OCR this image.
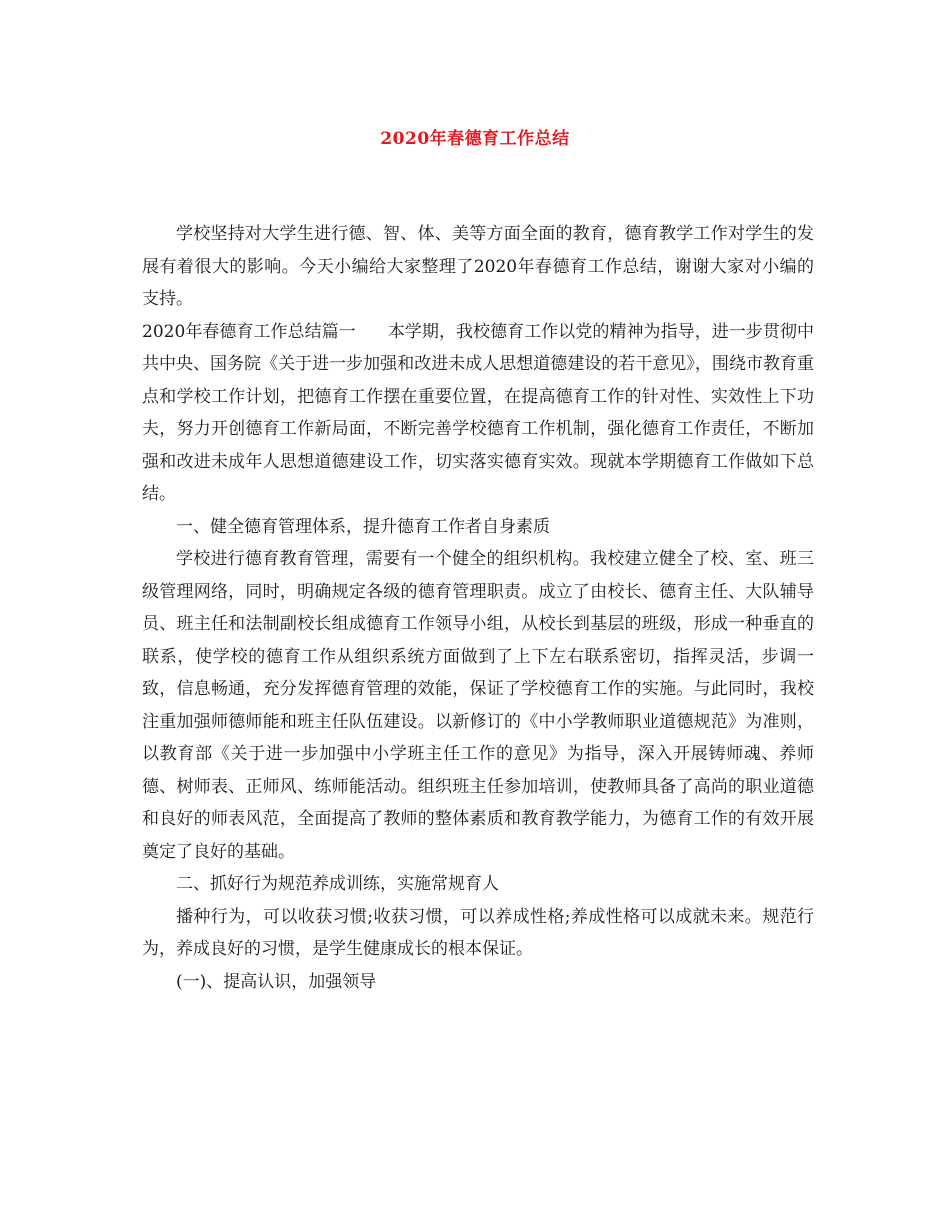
2020年春德育工作总结

学校坚持对大学生进行德、智、体、美等方面全面的教育，德育教学工作对学生的发展有着很大的影响。今天小编给大家整理了2020年春德育工作总结，谢谢大家对小编的支持。

2020年春德育工作总结篇一 本学期，我校德育工作以党的精神为指导，进一步贯彻中共中央、国务院《关于进一步加强和改进未成人思想道德建设的若干意见》，围绕市教育重点和学校工作计划，把德育工作摆在重要位置，在提高德育工作的针对性、实效性上下功夫，努力开创德育工作新局面，不断完善学校德育工作机制，强化德育工作责任，不断加强和改进未成年人思想道德建设工作，切实落实德育实效。现就本学期德育工作做如下总结。

一、健全德育管理体系，提升德育工作者自身素质

学校进行德育教育管理，需要有一个健全的组织机构。我校建立健全了校、室、班三级管理网络，同时，明确规定各级的德育管理职责。成立了由校长、德育主任、大队辅导员、班主任和法制副校长组成德育工作领导小组，从校长到基层的班级，形成一种垂直的联系，使学校的德育工作从组织系统方面做到了上下左右联系密切，指挥灵活，步调一致，信息畅通，充分发挥德育管理的效能，保证了学校德育工作的实施。与此同时，我校注重加强师德师能和班主任队伍建设。以新修订的《中小学教师职业道德规范》为准则，以教育部《关于进一步加强中小学班主任工作的意见》为指导，深入开展铸师魂、养师德、树师表、正师风、练师能活动。组织班主任参加培训，使教师具备了高尚的职业道德和良好的师表风范，全面提高了教师的整体素质和教育教学能力，为德育工作的有效开展奠定了良好的基础。

二、抓好行为规范养成训练，实施常规育人

播种行为，可以收获习惯;收获习惯，可以养成性格;养成性格可以成就未来。规范行为，养成良好的习惯，是学生健康成长的根本保证。

(一)、提高认识，加强领导
